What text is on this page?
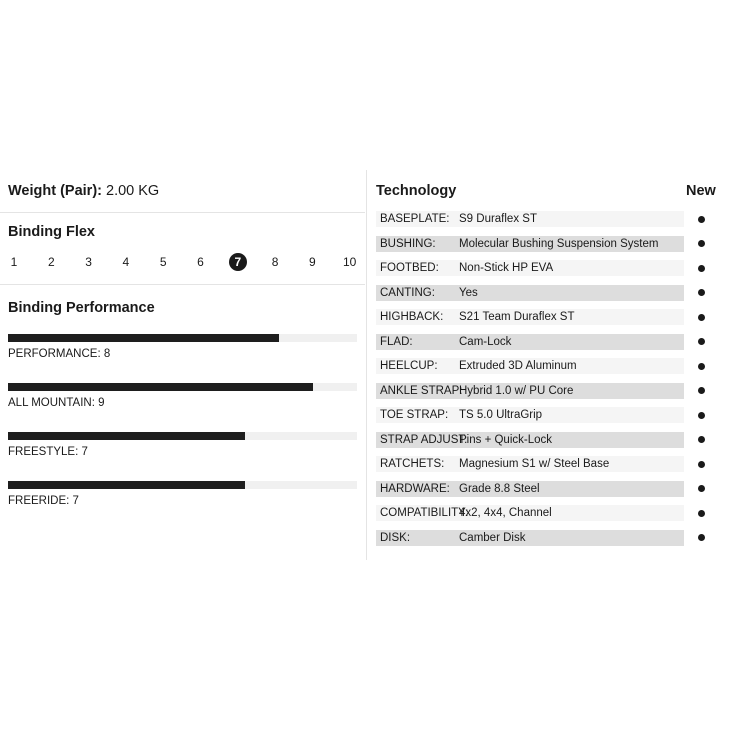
Weight (Pair): 2.00 KG
Binding Flex
1	2	3	4	5	6	7	8	9	10
Binding Performance
PERFORMANCE: 8
ALL MOUNTAIN: 9
FREESTYLE: 7
FREERIDE: 7
Technology	New
BASEPLATE: S9 Duraflex ST
BUSHING: Molecular Bushing Suspension System
FOOTBED: Non-Stick HP EVA
CANTING: Yes
HIGHBACK: S21 Team Duraflex ST
FLAD:	Cam-Lock
HEELCUP: Extruded 3D Aluminum
ANKLE STRAP:
Hybrid 1.0 w/ PU Core
TOE STRAP: TS 5.0 UltraGrip
STRAP ADJUST:
Pins + Quick-Lock
RATCHETS: Magnesium S1 w/ Steel Base
HARDWARE: Grade 8.8 Steel
COMPATIBILITY:
4x2, 4x4, Channel
DISK:	Camber Disk
